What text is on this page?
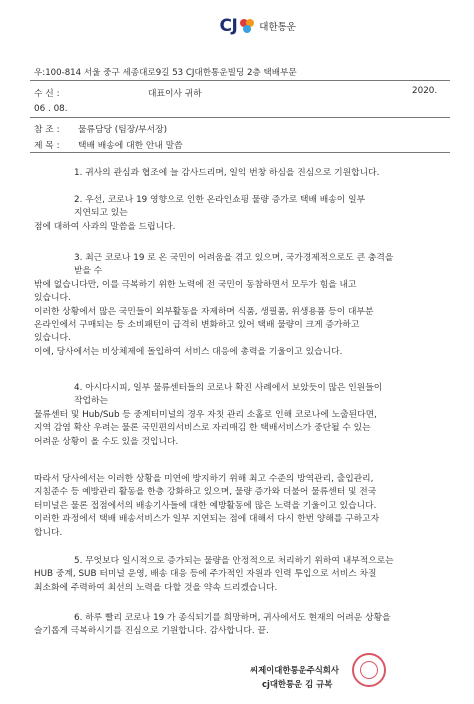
CJ 대한통운
우:100-814 서울 중구 세종대로9길 53 CJ대한통운빌딩 2층 택배부문
수 신 :	대표이사 귀하	2020.
06 . 08.
참 조 : 물류담당 (팀장/부서장)
제 목 : 택배 배송에 대한 안내 말씀

1. 귀사의 관심과 협조에 늘 감사드리며, 일익 번창 하심을 진심으로 기원합니다.

2. 우선, 코로나 19 영향으로 인한 온라인쇼핑 물량 증가로 택배 배송이 일부

지연되고 있는

점에 대하여 사과의 말씀을 드립니다.

3. 최근 코로나 19 로 온 국민이 어려움을 겪고 있으며, 국가경제적으로도 큰 충격을

받을 수

밖에 없습니다만, 이를 극복하기 위한 노력에 전 국민이 동참하면서 모두가 힘을 내고

있습니다.

이러한 상황에서 많은 국민들이 외부활동을 자제하며 식품, 생필품, 위생용품 등이 대부분

온라인에서 구매되는 등 소비패턴이 급격히 변화하고 있어 택배 물량이 크게 증가하고

있습니다.

이에, 당사에서는 비상체제에 돌입하여 서비스 대응에 총력을 기울이고 있습니다.

4. 아시다시피, 일부 물류센터들의 코로나 확진 사례에서 보았듯이 많은 인원들이

작업하는

물류센터 및 Hub/Sub 등 중계터미널의 경우 자칫 관리 소홀로 인해 코로나에 노출된다면,

지역 감염 확산 우려는 물론 국민편의서비스로 자리매김 한 택배서비스가 중단될 수 있는

어려운 상황이 올 수도 있을 것입니다.

따라서 당사에서는 이러한 상황을 미연에 방지하기 위해 최고 수준의 방역관리, 출입관리,

지침준수 등 예방관리 활동을 한층 강화하고 있으며, 물량 증가와 더불어 물류센터 및 전국

터미널은 물론 접점에서의 배송기사들에 대한 예방활동에 많은 노력을 기울이고 있습니다.

이러한 과정에서 택배 배송서비스가 일부 지연되는 점에 대해서 다시 한번 양해를 구하고자

합니다.

5. 무엇보다 일시적으로 증가되는 물량을 안정적으로 처리하기 위하여 내부적으로는

HUB 중계, SUB 터미널 운영, 배송 대응 등에 주가적인 자원과 인력 투입으로 서비스 차질

최소화에 주력하여 최선의 노력을 다할 것을 약속 드리겠습니다.

6. 하루 빨리 코로나 19 가 종식되기를 희망하며, 귀사에서도 현재의 어려운 상황을

슬기롭게 극복하시기를 진심으로 기원합니다. 감사합니다. 끝.

씨제이대한통운주식회사
cj대한통운 김 규복
